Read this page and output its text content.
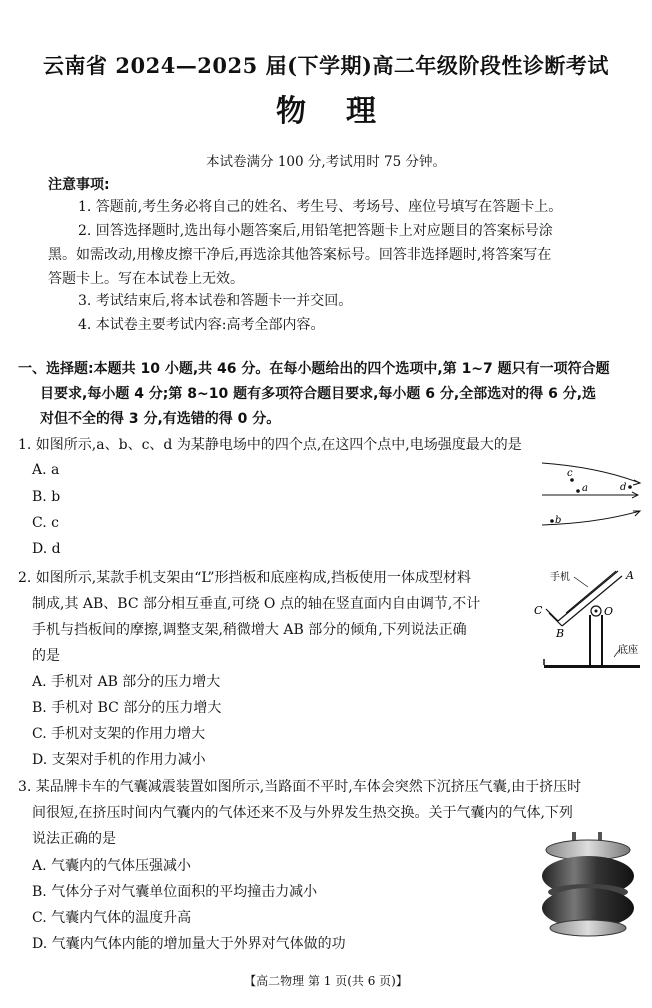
云南省 2024—2025 届(下学期)高二年级阶段性诊断考试
物理
本试卷满分 100 分,考试用时 75 分钟。
注意事项:
1. 答题前,考生务必将自己的姓名、考生号、考场号、座位号填写在答题卡上。
2. 回答选择题时,选出每小题答案后,用铅笔把答题卡上对应题目的答案标号涂
黑。如需改动,用橡皮擦干净后,再选涂其他答案标号。回答非选择题时,将答案写在
答题卡上。写在本试卷上无效。
3. 考试结束后,将本试卷和答题卡一并交回。
4. 本试卷主要考试内容:高考全部内容。
一、选择题:本题共 10 小题,共 46 分。在每小题给出的四个选项中,第 1~7 题只有一项符合题
目要求,每小题 4 分;第 8~10 题有多项符合题目要求,每小题 6 分,全部选对的得 6 分,选
对但不全的得 3 分,有选错的得 0 分。
1. 如图所示,a、b、c、d 为某静电场中的四个点,在这四个点中,电场强度最大的是
A. a
B. b
C. c
D. d
c
a	d
b
2. 如图所示,某款手机支架由“L”形挡板和底座构成,挡板使用一体成型材料
制成,其 AB、BC 部分相互垂直,可绕 O 点的轴在竖直面内自由调节,不计
手机与挡板间的摩擦,调整支架,稍微增大 AB 部分的倾角,下列说法正确
的是
A. 手机对 AB 部分的压力增大
B. 手机对 BC 部分的压力增大
C. 手机对支架的作用力增大
D. 支架对手机的作用力减小
手机	A
C	O
B
底座
3. 某品牌卡车的气囊减震装置如图所示,当路面不平时,车体会突然下沉挤压气囊,由于挤压时
间很短,在挤压时间内气囊内的气体还来不及与外界发生热交换。关于气囊内的气体,下列
说法正确的是
A. 气囊内的气体压强减小
B. 气体分子对气囊单位面积的平均撞击力减小
C. 气囊内气体的温度升高
D. 气囊内气体内能的增加量大于外界对气体做的功
【高二物理 第 1 页(共 6 页)】
